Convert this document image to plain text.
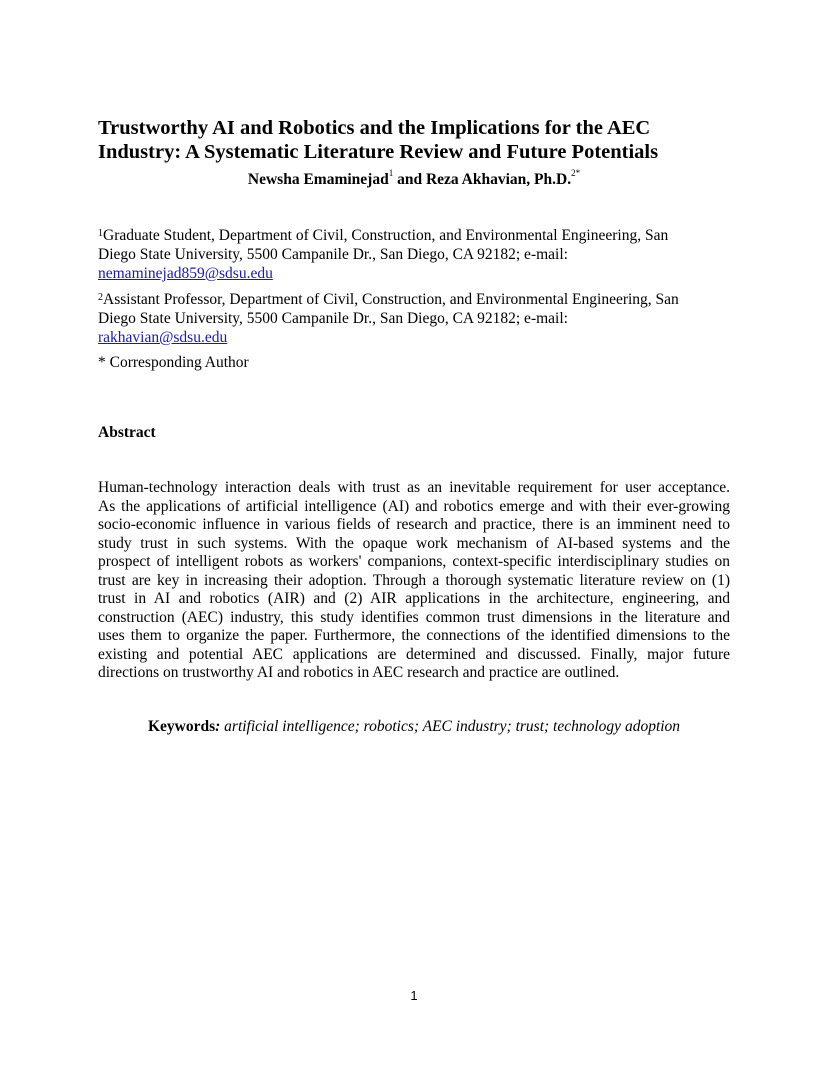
Trustworthy AI and Robotics and the Implications for the AEC
Industry: A Systematic Literature Review and Future Potentials
Newsha Emaminejad$^1$ and Reza Akhavian, Ph.D.$^{2*}$
$^1$Graduate Student, Department of Civil, Construction, and Environmental Engineering, San
Diego State University, 5500 Campanile Dr., San Diego, CA 92182; e-mail:
nemaminejad859@sdsu.edu
$^2$Assistant Professor, Department of Civil, Construction, and Environmental Engineering, San
Diego State University, 5500 Campanile Dr., San Diego, CA 92182; e-mail:
rakhavian@sdsu.edu
* Corresponding Author
Abstract
Human-technology interaction deals with trust as an inevitable requirement for user acceptance.
As the applications of artificial intelligence (AI) and robotics emerge and with their ever-growing
socio-economic influence in various fields of research and practice, there is an imminent need to
study trust in such systems. With the opaque work mechanism of AI-based systems and the
prospect of intelligent robots as workers' companions, context-specific interdisciplinary studies on
trust are key in increasing their adoption. Through a thorough systematic literature review on (1)
trust in AI and robotics (AIR) and (2) AIR applications in the architecture, engineering, and
construction (AEC) industry, this study identifies common trust dimensions in the literature and
uses them to organize the paper. Furthermore, the connections of the identified dimensions to the
existing and potential AEC applications are determined and discussed. Finally, major future
directions on trustworthy AI and robotics in AEC research and practice are outlined.
Keywords: artificial intelligence; robotics; AEC industry; trust; technology adoption
1
